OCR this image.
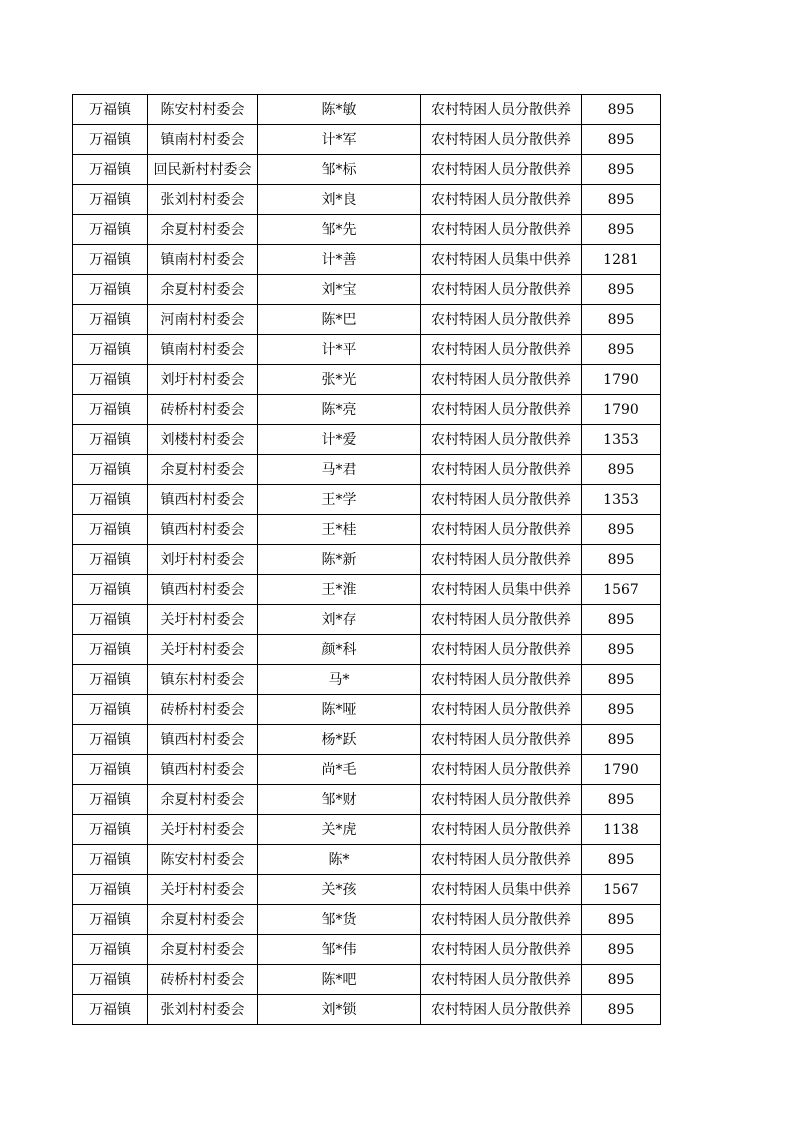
万福镇	陈安村村委会	陈*敏	农村特困人员分散供养	895
万福镇	镇南村村委会	计*军	农村特困人员分散供养	895
万福镇	回民新村村委会	邹*标	农村特困人员分散供养	895
万福镇	张刘村村委会	刘*良	农村特困人员分散供养	895
万福镇	余夏村村委会	邹*先	农村特困人员分散供养	895
万福镇	镇南村村委会	计*善	农村特困人员集中供养	1281
万福镇	余夏村村委会	刘*宝	农村特困人员分散供养	895
万福镇	河南村村委会	陈*巴	农村特困人员分散供养	895
万福镇	镇南村村委会	计*平	农村特困人员分散供养	895
万福镇	刘圩村村委会	张*光	农村特困人员分散供养	1790
万福镇	砖桥村村委会	陈*亮	农村特困人员分散供养	1790
万福镇	刘楼村村委会	计*爱	农村特困人员分散供养	1353
万福镇	余夏村村委会	马*君	农村特困人员分散供养	895
万福镇	镇西村村委会	王*学	农村特困人员分散供养	1353
万福镇	镇西村村委会	王*桂	农村特困人员分散供养	895
万福镇	刘圩村村委会	陈*新	农村特困人员分散供养	895
万福镇	镇西村村委会	王*淮	农村特困人员集中供养	1567
万福镇	关圩村村委会	刘*存	农村特困人员分散供养	895
万福镇	关圩村村委会	颜*科	农村特困人员分散供养	895
万福镇	镇东村村委会	马*	农村特困人员分散供养	895
万福镇	砖桥村村委会	陈*哑	农村特困人员分散供养	895
万福镇	镇西村村委会	杨*跃	农村特困人员分散供养	895
万福镇	镇西村村委会	尚*毛	农村特困人员分散供养	1790
万福镇	余夏村村委会	邹*财	农村特困人员分散供养	895
万福镇	关圩村村委会	关*虎	农村特困人员分散供养	1138
万福镇	陈安村村委会	陈*	农村特困人员分散供养	895
万福镇	关圩村村委会	关*孩	农村特困人员集中供养	1567
万福镇	余夏村村委会	邹*货	农村特困人员分散供养	895
万福镇	余夏村村委会	邹*伟	农村特困人员分散供养	895
万福镇	砖桥村村委会	陈*吧	农村特困人员分散供养	895
万福镇	张刘村村委会	刘*锁	农村特困人员分散供养	895
